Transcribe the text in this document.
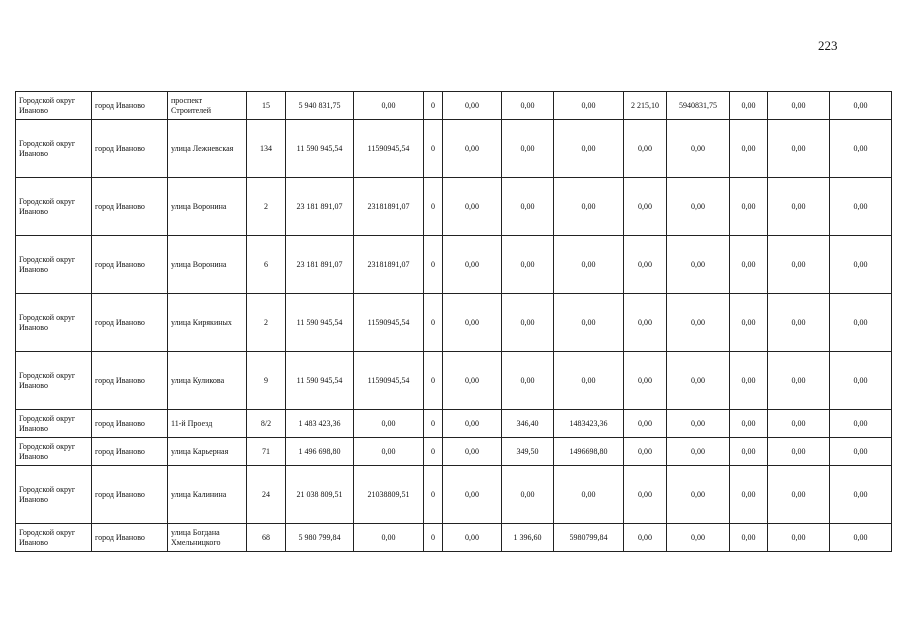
223
Городской округ Иваново	город Иваново	проспект Строителей	15	5 940 831,75	0,00	0	0,00	0,00	0,00	2 215,10	5940831,75	0,00	0,00	0,00
Городской округ Иваново	город Иваново	улица Лежневская	134	11 590 945,54	11590945,54	0	0,00	0,00	0,00	0,00	0,00	0,00	0,00	0,00
Городской округ Иваново	город Иваново	улица Воронина	2	23 181 891,07	23181891,07	0	0,00	0,00	0,00	0,00	0,00	0,00	0,00	0,00
Городской округ Иваново	город Иваново	улица Воронина	6	23 181 891,07	23181891,07	0	0,00	0,00	0,00	0,00	0,00	0,00	0,00	0,00
Городской округ Иваново	город Иваново	улица Кирякиных	2	11 590 945,54	11590945,54	0	0,00	0,00	0,00	0,00	0,00	0,00	0,00	0,00
Городской округ Иваново	город Иваново	улица Куликова	9	11 590 945,54	11590945,54	0	0,00	0,00	0,00	0,00	0,00	0,00	0,00	0,00
Городской округ Иваново	город Иваново	11-й Проезд	8/2	1 483 423,36	0,00	0	0,00	346,40	1483423,36	0,00	0,00	0,00	0,00	0,00
Городской округ Иваново	город Иваново	улица Карьерная	71	1 496 698,80	0,00	0	0,00	349,50	1496698,80	0,00	0,00	0,00	0,00	0,00
Городской округ Иваново	город Иваново	улица Калинина	24	21 038 809,51	21038809,51	0	0,00	0,00	0,00	0,00	0,00	0,00	0,00	0,00
Городской округ Иваново	город Иваново	улица Богдана Хмельницкого	68	5 980 799,84	0,00	0	0,00	1 396,60	5980799,84	0,00	0,00	0,00	0,00	0,00
